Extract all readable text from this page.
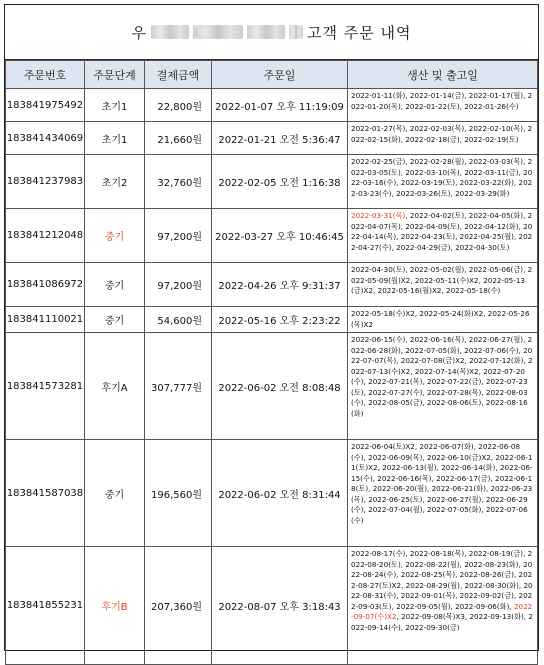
우	고객 주문 내역
주문번호	주문단계	결제금액	주문일	생산 및 출고일
183841975492	초기1	22,800원	2022-01-07 오후 11:19:09	2022-01-11(화), 2022-01-14(금), 2022-01-17(월), 2022-01-20(목), 2022-01-22(토), 2022-01-26(수)
183841434069	초기1	21,660원	2022-01-21 오전 5:36:47	2022-01-27(목), 2022-02-03(목), 2022-02-10(목), 2022-02-15(화), 2022-02-18(금), 2022-02-19(토)
183841237983	초기2	32,760원	2022-02-05 오전 1:16:38	2022-02-25(금), 2022-02-28(월), 2022-03-03(목), 2022-03-05(토), 2022-03-10(목), 2022-03-11(금), 2022-03-16(수), 2022-03-19(토), 2022-03-22(화), 2022-03-23(수), 2022-03-26(토), 2022-03-29(화)
183841212048	중기	97,200원	2022-03-27 오후 10:46:45	2022-03-31(목), 2022-04-02(토), 2022-04-05(화), 2022-04-07(목), 2022-04-09(토), 2022-04-12(화), 2022-04-14(목), 2022-04-23(토), 2022-04-25(월), 2022-04-27(수), 2022-04-29(금), 2022-04-30(토)
183841086972	중기	97,200원	2022-04-26 오후 9:31:37	2022-04-30(토), 2022-05-02(월), 2022-05-06(금), 2022-05-09(월)X2, 2022-05-11(수)X2, 2022-05-13(금)X2, 2022-05-16(월)X2, 2022-05-18(수)
183841110021	중기	54,600원	2022-05-16 오후 2:23:22	2022-05-18(수)X2, 2022-05-24(화)X2, 2022-05-26(목)X2
183841573281	후기A	307,777원	2022-06-02 오전 8:08:48	2022-06-15(수), 2022-06-16(목), 2022-06-27(월), 2022-06-28(화), 2022-07-05(화), 2022-07-06(수), 2022-07-07(목), 2022-07-08(금)X2, 2022-07-12(화), 2022-07-13(수)X2, 2022-07-14(목)X2, 2022-07-20(수), 2022-07-21(목), 2022-07-22(금), 2022-07-23(토), 2022-07-27(수), 2022-07-28(목), 2022-08-03(수), 2022-08-05(금), 2022-08-06(토), 2022-08-16(화)
183841587038	중기	196,560원	2022-06-02 오전 8:31:44	2022-06-04(토)X2, 2022-06-07(화), 2022-06-08(수), 2022-06-09(목), 2022-06-10(금)X2, 2022-06-11(토)X2, 2022-06-13(월), 2022-06-14(화), 2022-06-15(수), 2022-06-16(목), 2022-06-17(금), 2022-06-18(토), 2022-06-20(월), 2022-06-21(화), 2022-06-23(목), 2022-06-25(토), 2022-06-27(월), 2022-06-29(수), 2022-07-04(월), 2022-07-05(화), 2022-07-06(수)
183841855231	후기B	207,360원	2022-08-07 오후 3:18:43	2022-08-17(수), 2022-08-18(목), 2022-08-19(금), 2022-08-20(토), 2022-08-22(월), 2022-08-23(화), 2022-08-24(수), 2022-08-25(목), 2022-08-26(금), 2022-08-27(토)X2, 2022-08-29(월), 2022-08-30(화), 2022-08-31(수), 2022-09-01(목), 2022-09-02(금), 2022-09-03(토), 2022-09-05(월), 2022-09-06(화), 2022-09-07(수)X2, 2022-09-08(목)X3, 2022-09-13(화), 2022-09-14(수), 2022-09-30(금)
